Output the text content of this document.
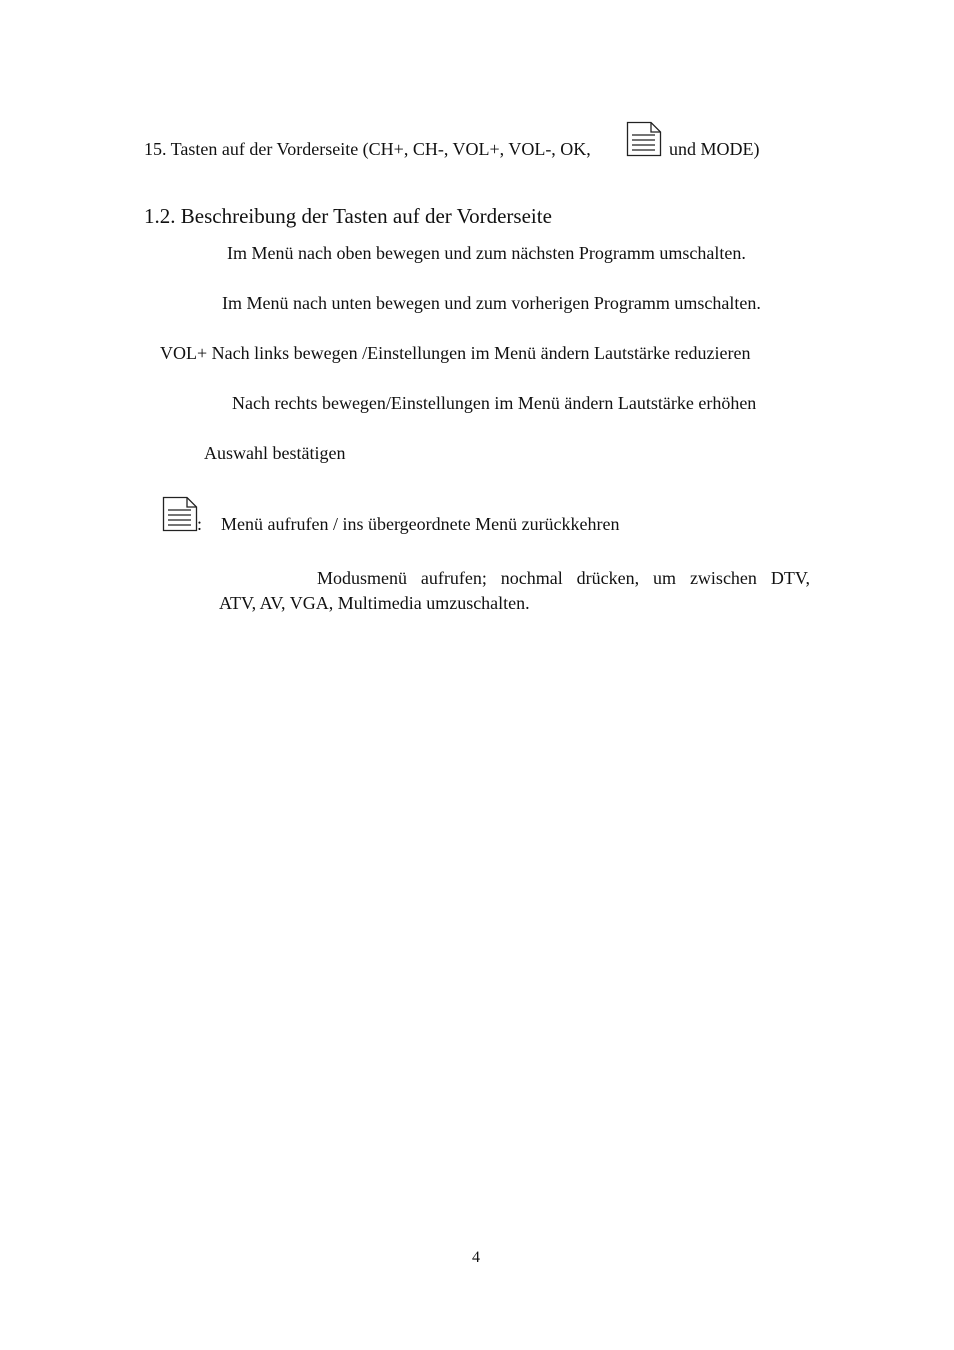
15. Tasten auf der Vorderseite (CH+, CH-, VOL+, VOL-, OK,	und MODE)
1.2. Beschreibung der Tasten auf der Vorderseite
Im Menü nach oben bewegen und zum nächsten Programm umschalten.
Im Menü nach unten bewegen und zum vorherigen Programm umschalten.
VOL+ Nach links bewegen /Einstellungen im Menü ändern Lautstärke reduzieren
Nach rechts bewegen/Einstellungen im Menü ändern Lautstärke erhöhen
Auswahl bestätigen
: Menü aufrufen / ins übergeordnete Menü zurückkehren
Modusmenü aufrufen; nochmal drücken, um zwischen DTV,
ATV, AV, VGA, Multimedia umzuschalten.
4
